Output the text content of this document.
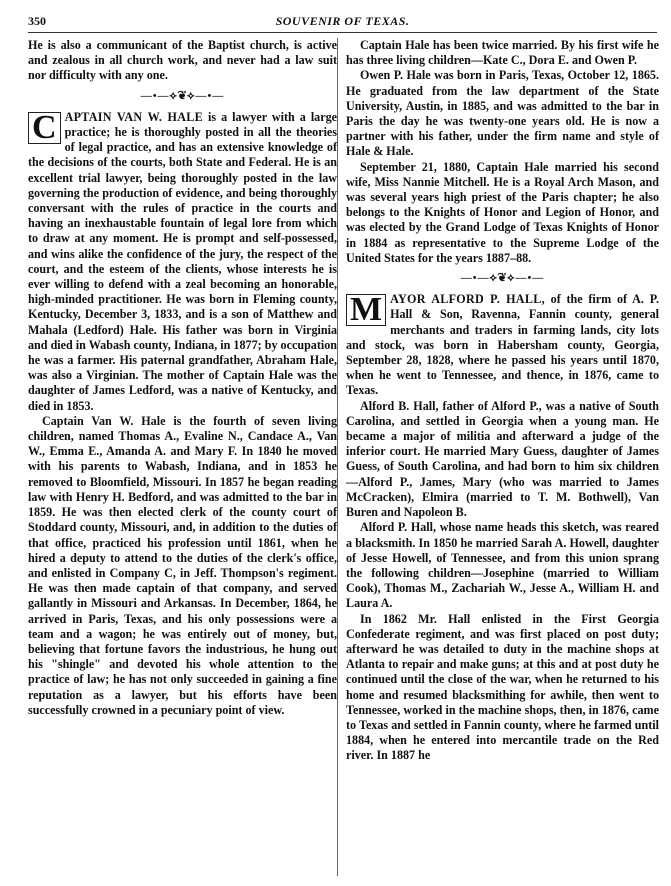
350	SOUVENIR OF TEXAS.

He is also a communicant of the Baptist church, is active and zealous in all church work, and never had a law suit nor difficulty with any one.

—•—⟡❦⟡—•—

C APTAIN VAN W. HALE is a lawyer with a large practice; he is thoroughly posted in all the theories of legal practice, and has an extensive knowledge of the decisions of the courts, both State and Federal. He is an excellent trial lawyer, being thoroughly posted in the law governing the production of evidence, and being thoroughly conversant with the rules of practice in the courts and having an inexhaustable fountain of legal lore from which to draw at any moment. He is prompt and self-possessed, and wins alike the confidence of the jury, the respect of the court, and the esteem of the clients, whose interests he is ever willing to defend with a zeal becoming an honorable, high-minded practitioner. He was born in Fleming county, Kentucky, December 3, 1833, and is a son of Matthew and Mahala (Ledford) Hale. His father was born in Virginia and died in Wabash county, Indiana, in 1877; by occupation he was a farmer. His paternal grandfather, Abraham Hale, was also a Virginian. The mother of Captain Hale was the daughter of James Ledford, was a native of Kentucky, and died in 1853.

Captain Van W. Hale is the fourth of seven living children, named Thomas A., Evaline N., Candace A., Van W., Emma E., Amanda A. and Mary F. In 1840 he moved with his parents to Wabash, Indiana, and in 1853 he removed to Bloomfield, Missouri. In 1857 he began reading law with Henry H. Bedford, and was admitted to the bar in 1859. He was then elected clerk of the county court of Stoddard county, Missouri, and, in addition to the duties of that office, practiced his profession until 1861, when he hired a deputy to attend to the duties of the clerk's office, and enlisted in Company C, in Jeff. Thompson's regiment. He was then made captain of that company, and served gallantly in Missouri and Arkansas. In December, 1864, he arrived in Paris, Texas, and his only possessions were a team and a wagon; he was entirely out of money, but, believing that fortune favors the industrious, he hung out his "shingle" and devoted his whole attention to the practice of law; he has not only succeeded in gaining a fine reputation as a lawyer, but his efforts have been successfully crowned in a pecuniary point of view.

Captain Hale has been twice married. By his first wife he has three living children—Kate C., Dora E. and Owen P.

Owen P. Hale was born in Paris, Texas, October 12, 1865. He graduated from the law department of the State University, Austin, in 1885, and was admitted to the bar in Paris the day he was twenty-one years old. He is now a partner with his father, under the firm name and style of Hale & Hale.

September 21, 1880, Captain Hale married his second wife, Miss Nannie Mitchell. He is a Royal Arch Mason, and was several years high priest of the Paris chapter; he also belongs to the Knights of Honor and Legion of Honor, and was elected by the Grand Lodge of Texas Knights of Honor in 1884 as representative to the Supreme Lodge of the United States for the years 1887–88.

—•—⟡❦⟡—•—

M AYOR ALFORD P. HALL, of the firm of A. P. Hall & Son, Ravenna, Fannin county, general merchants and traders in farming lands, city lots and stock, was born in Habersham county, Georgia, September 28, 1828, where he passed his years until 1870, when he went to Tennessee, and thence, in 1876, came to Texas.

Alford B. Hall, father of Alford P., was a native of South Carolina, and settled in Georgia when a young man. He became a major of militia and afterward a judge of the inferior court. He married Mary Guess, daughter of James Guess, of South Carolina, and had born to him six children—Alford P., James, Mary (who was married to James McCracken), Elmira (married to T. M. Bothwell), Van Buren and Napoleon B.

Alford P. Hall, whose name heads this sketch, was reared a blacksmith. In 1850 he married Sarah A. Howell, daughter of Jesse Howell, of Tennessee, and from this union sprang the following children—Josephine (married to William Cook), Thomas M., Zachariah W., Jesse A., William H. and Laura A.

In 1862 Mr. Hall enlisted in the First Georgia Confederate regiment, and was first placed on post duty; afterward he was detailed to duty in the machine shops at Atlanta to repair and make guns; at this and at post duty he continued until the close of the war, when he returned to his home and resumed blacksmithing for awhile, then went to Tennessee, worked in the machine shops, then, in 1876, came to Texas and settled in Fannin county, where he farmed until 1884, when he entered into mercantile trade on the Red river. In 1887 he
